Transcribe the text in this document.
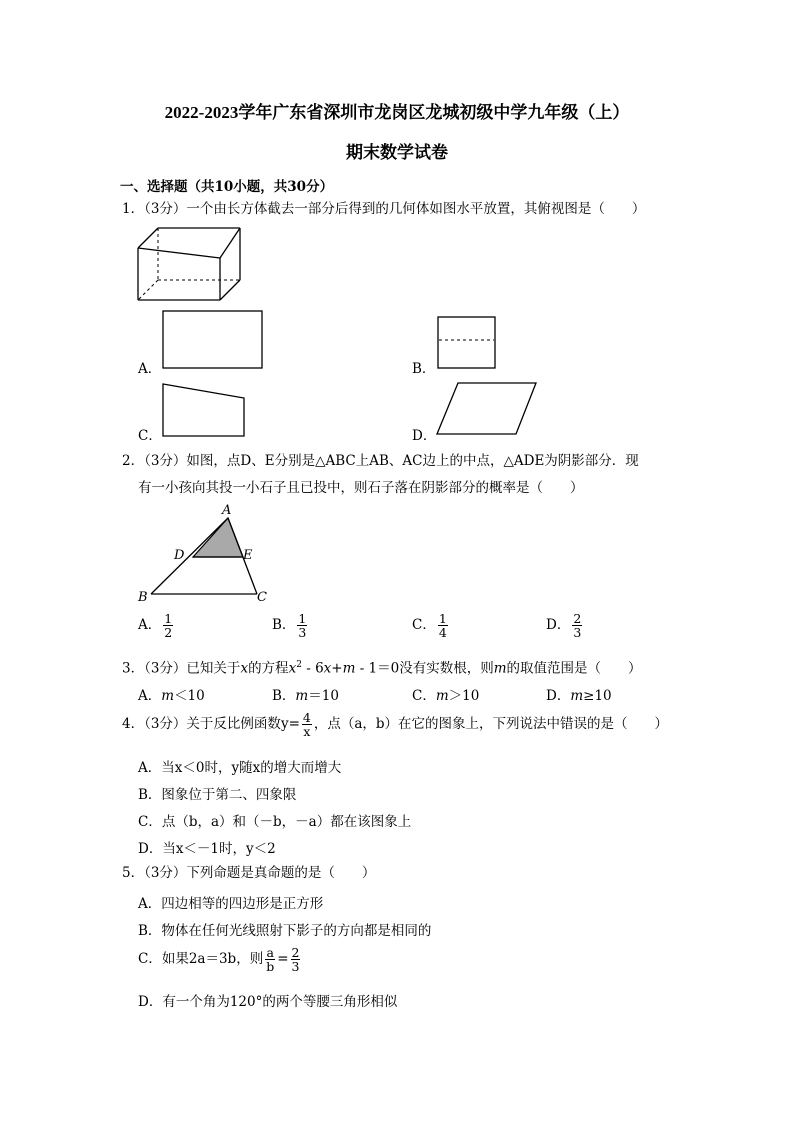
2022-2023学年广东省深圳市龙岗区龙城初级中学九年级（上）
期末数学试卷
一、选择题（共10小题，共30分）
1．（3分）一个由长方体截去一部分后得到的几何体如图水平放置，其俯视图是（　　）
A．	B．
C．	D．
2．（3分）如图，点D、E分别是△ABC上AB、AC边上的中点，△ADE为阴影部分．现
有一小孩向其投一小石子且已投中，则石子落在阴影部分的概率是（　　）
A
D	E
B	C
A． $\frac{1}{2}$	B． $\frac{1}{3}$	C． $\frac{1}{4}$	D． $\frac{2}{3}$
3．（3分）已知关于x的方程$x^2 - 6x+m - 1=0$没有实数根，则m的取值范围是（　　）
A．m＜10	B．m＝10	C．m＞10	D．m≥10
4．（3分）关于反比例函数$y= \frac{4}{x}$ ，点（a，b）在它的图象上，下列说法中错误的是（　　）
A．当x＜0时，y随x的增大而增大
B．图象位于第二、四象限
C．点（b，a）和（－b，－a）都在该图象上
D．当x＜－1时，y＜2
5．（3分）下列命题是真命题的是（　　）
A．四边相等的四边形是正方形
B．物体在任何光线照射下影子的方向都是相同的
C．如果2a＝3b，则 $\frac{a}{b} = \frac{2}{3}$
D．有一个角为120°的两个等腰三角形相似
